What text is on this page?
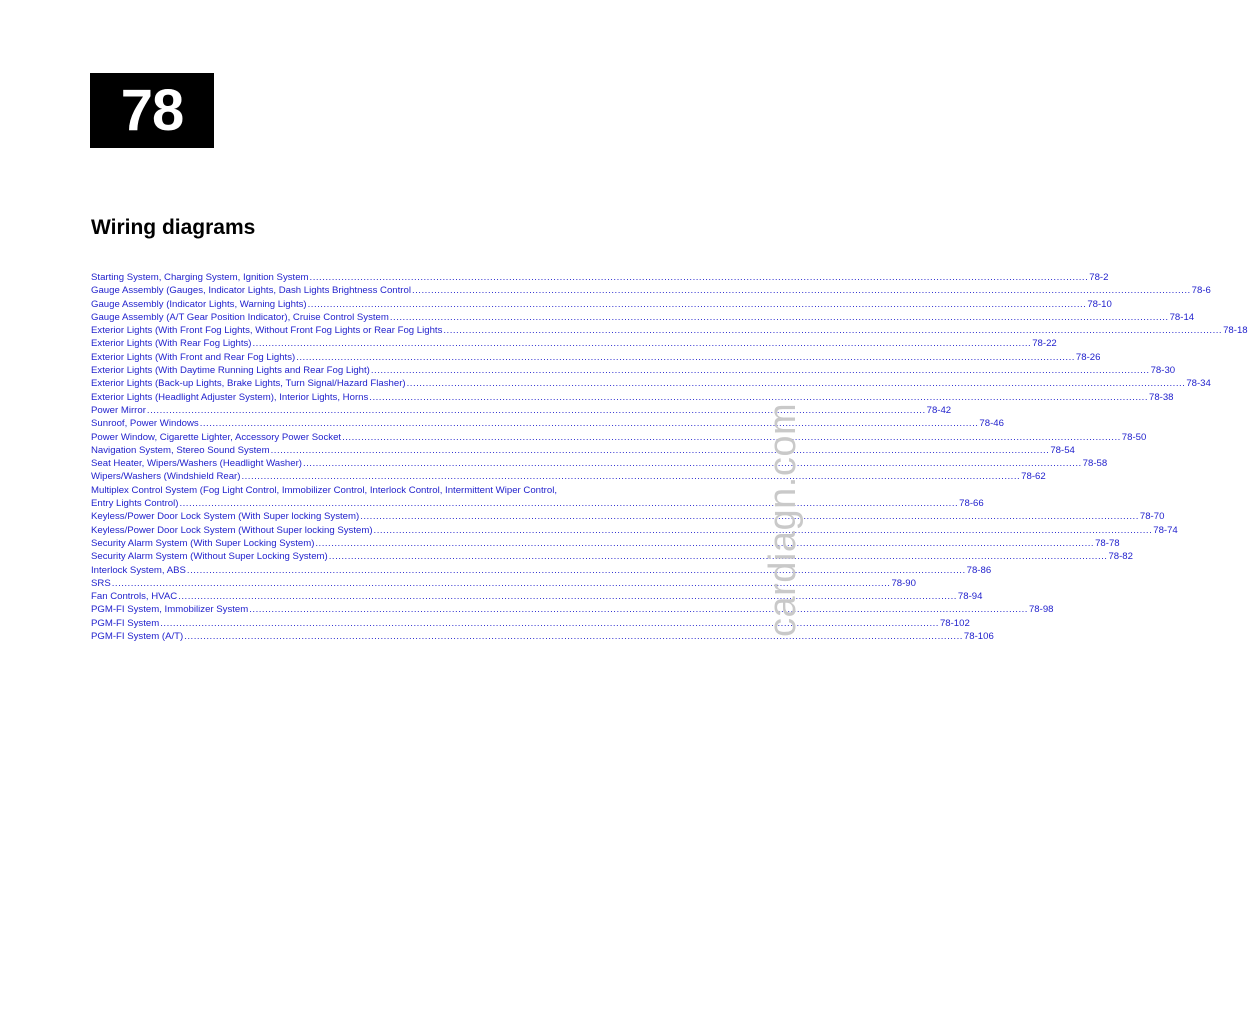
78
Wiring diagrams
Starting System, Charging System, Ignition System .....	78-2
Gauge Assembly (Gauges, Indicator Lights, Dash Lights Brightness Control .....	78-6
Gauge Assembly (Indicator Lights, Warning Lights) .....	78-10
Gauge Assembly (A/T Gear Position Indicator), Cruise Control System .....	78-14
Exterior Lights (With Front Fog Lights, Without Front Fog Lights or Rear Fog Lights .....	78-18
Exterior Lights (With Rear Fog Lights) .....	78-22
Exterior Lights (With Front and Rear Fog Lights) .....	78-26
Exterior Lights (With Daytime Running Lights and Rear Fog Light) .....	78-30
Exterior Lights (Back-up Lights, Brake Lights, Turn Signal/Hazard Flasher) .....	78-34
Exterior Lights (Headlight Adjuster System), Interior Lights, Horns .....	78-38
Power Mirror .....	78-42
Sunroof, Power Windows .....	78-46
Power Window, Cigarette Lighter, Accessory Power Socket .....	78-50
Navigation System, Stereo Sound System .....	78-54
Seat Heater, Wipers/Washers (Headlight Washer) .....	78-58
Wipers/Washers (Windshield Rear) .....	78-62
Multiplex Control System (Fog Light Control, Immobilizer Control, Interlock Control, Intermittent Wiper Control,
Entry Lights Control) .....	78-66
Keyless/Power Door Lock System (With Super locking System) .....	78-70
Keyless/Power Door Lock System (Without Super locking System) .....	78-74
Security Alarm System (With Super Locking System) .....	78-78
Security Alarm System (Without Super Locking System) .....	78-82
Interlock System, ABS .....	78-86
SRS .....	78-90
Fan Controls, HVAC .....	78-94
PGM-FI System, Immobilizer System .....	78-98
PGM-FI System .....	78-102
PGM-FI System (A/T) .....	78-106
cardiagn.com
